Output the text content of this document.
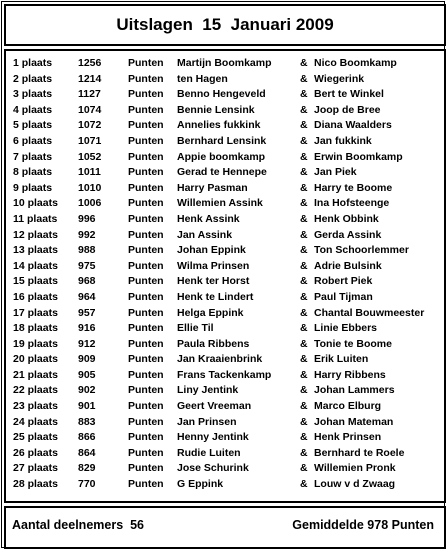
Uitslagen  15  Januari 2009
1 plaats 1256	Punten Martijn Boomkamp	& Nico Boomkamp
2 plaats 1214	Punten ten Hagen	& Wiegerink
3 plaats 1127	Punten Benno Hengeveld	& Bert te Winkel
4 plaats 1074	Punten Bennie Lensink	& Joop de Bree
5 plaats 1072	Punten Annelies fukkink	& Diana Waalders
6 plaats 1071	Punten Bernhard Lensink	& Jan fukkink
7 plaats 1052	Punten Appie boomkamp	& Erwin Boomkamp
8 plaats 1011	Punten Gerad te Hennepe	& Jan Piek
9 plaats 1010	Punten Harry Pasman	& Harry te Boome
10 plaats 1006	Punten Willemien Assink	& Ina Hofsteenge
11 plaats 996	Punten Henk Assink	& Henk Obbink
12 plaats 992	Punten Jan Assink	& Gerda Assink
13 plaats 988	Punten Johan Eppink	& Ton Schoorlemmer
14 plaats 975	Punten Wilma Prinsen	& Adrie Bulsink
15 plaats 968	Punten Henk ter Horst	& Robert Piek
16 plaats 964	Punten Henk te Lindert	& Paul Tijman
17 plaats 957	Punten Helga Eppink	& Chantal Bouwmeester
18 plaats 916	Punten Ellie Til	& Linie Ebbers
19 plaats 912	Punten Paula Ribbens	& Tonie te Boome
20 plaats 909	Punten Jan Kraaienbrink	& Erik Luiten
21 plaats 905	Punten Frans Tackenkamp	& Harry Ribbens
22 plaats 902	Punten Liny Jentink	& Johan Lammers
23 plaats 901	Punten Geert Vreeman	& Marco Elburg
24 plaats 883	Punten Jan Prinsen	& Johan Mateman
25 plaats 866	Punten Henny Jentink	& Henk Prinsen
26 plaats 864	Punten Rudie Luiten	& Bernhard te Roele
27 plaats 829	Punten Jose Schurink	& Willemien Pronk
28 plaats 770	Punten G Eppink	& Louw v d Zwaag
Aantal deelnemers  56	Gemiddelde 978 Punten
